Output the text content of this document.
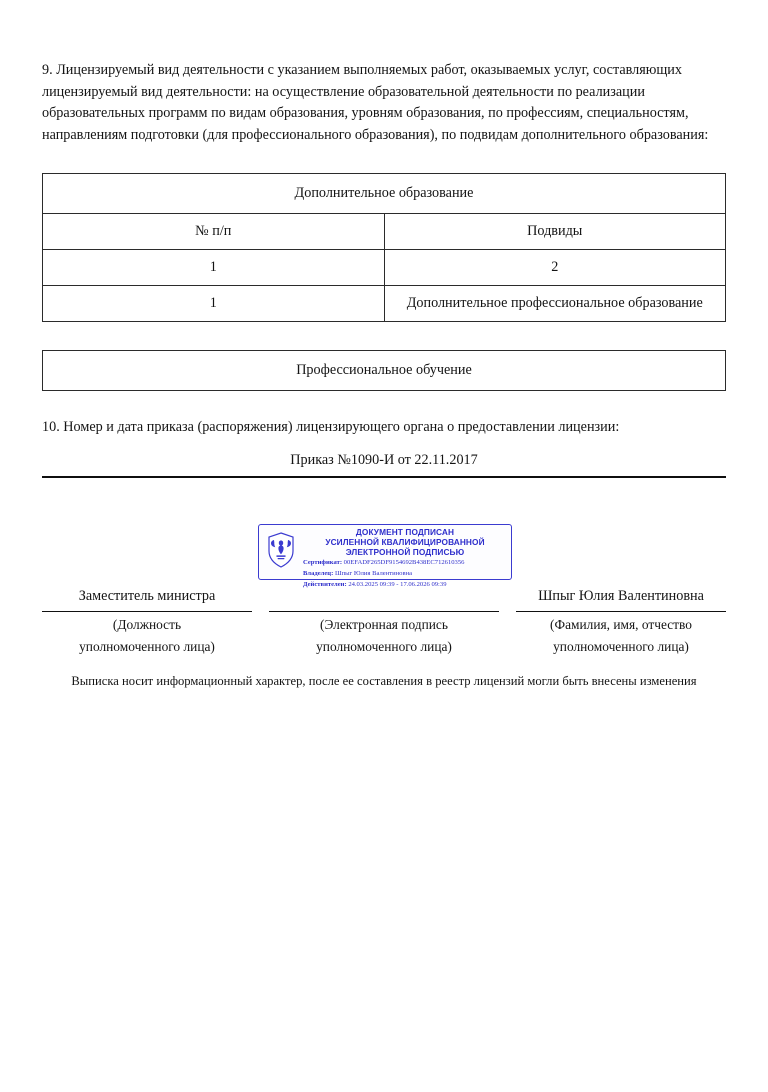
9. Лицензируемый вид деятельности с указанием выполняемых работ, оказываемых услуг, составляющих лицензируемый вид деятельности: на осуществление образовательной деятельности по реализации образовательных программ по видам образования, уровням образования, по профессиям, специальностям, направлениям подготовки (для профессионального образования), по подвидам дополнительного образования:

Дополнительное образование	
№ п/п	Подвиды
1	2
1	Дополнительное профессиональное образование
Профессиональное обучение

10. Номер и дата приказа (распоряжения) лицензирующего органа о предоставлении лицензии:

Приказ №1090-И от 22.11.2017
ДОКУМЕНТ ПОДПИСАН
УСИЛЕННОЙ КВАЛИФИЦИРОВАННОЙ
ЭЛЕКТРОННОЙ ПОДПИСЬЮ
Сертификат: 00EFADF265DF9154692B438EC712610356
Владелец: Шпыг Юлия Валентиновна
Действителен: 24.03.2025 09:39 - 17.06.2026 09:39
Заместитель министра
(Должность
уполномоченного лица)
(Электронная подпись
уполномоченного лица)
Шпыг Юлия Валентиновна
(Фамилия, имя, отчество
уполномоченного лица)
Выписка носит информационный характер, после ее составления в реестр лицензий могли быть внесены изменения
